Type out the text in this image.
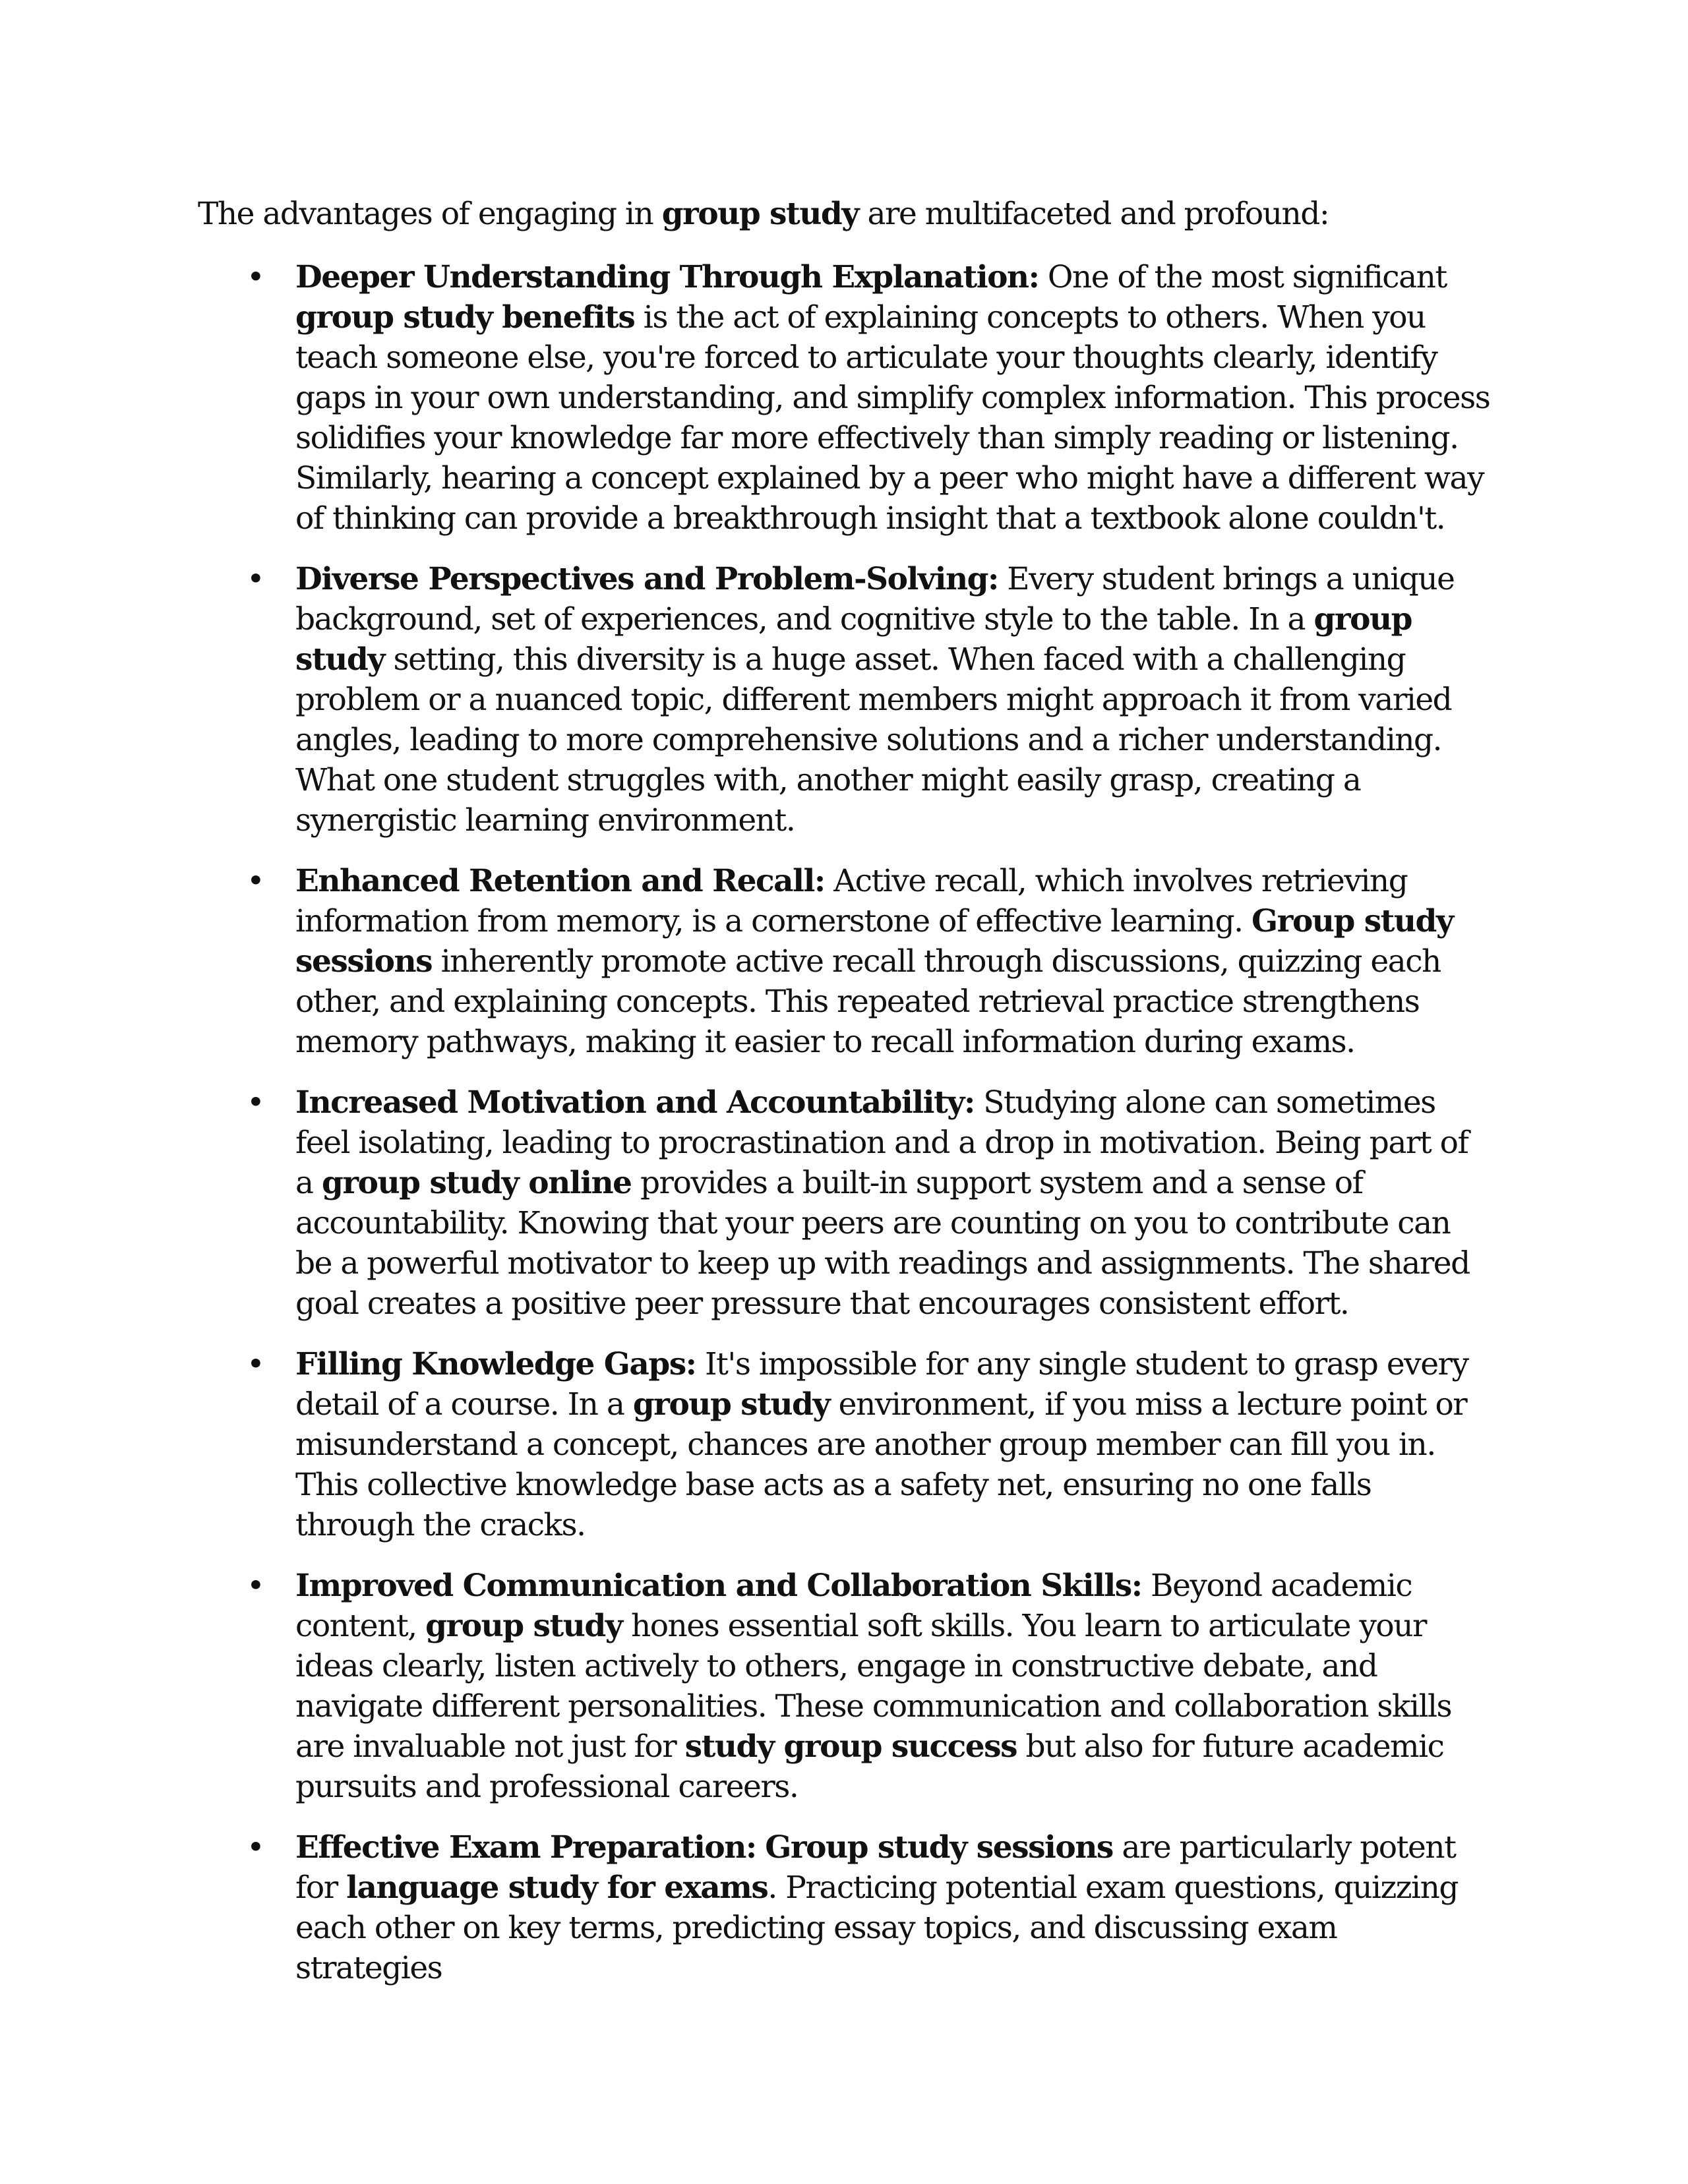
The advantages of engaging in group study are multifaceted and profound:

• Deeper Understanding Through Explanation: One of the most significant group study benefits is the act of explaining concepts to others. When you teach someone else, you're forced to articulate your thoughts clearly, identify gaps in your own understanding, and simplify complex information. This process solidifies your knowledge far more effectively than simply reading or listening. Similarly, hearing a concept explained by a peer who might have a different way of thinking can provide a breakthrough insight that a textbook alone couldn't.
• Diverse Perspectives and Problem-Solving: Every student brings a unique background, set of experiences, and cognitive style to the table. In a group study setting, this diversity is a huge asset. When faced with a challenging problem or a nuanced topic, different members might approach it from varied angles, leading to more comprehensive solutions and a richer understanding. What one student struggles with, another might easily grasp, creating a synergistic learning environment.
• Enhanced Retention and Recall: Active recall, which involves retrieving information from memory, is a cornerstone of effective learning. Group study sessions inherently promote active recall through discussions, quizzing each other, and explaining concepts. This repeated retrieval practice strengthens memory pathways, making it easier to recall information during exams.
• Increased Motivation and Accountability: Studying alone can sometimes feel isolating, leading to procrastination and a drop in motivation. Being part of a group study online provides a built-in support system and a sense of accountability. Knowing that your peers are counting on you to contribute can be a powerful motivator to keep up with readings and assignments. The shared goal creates a positive peer pressure that encourages consistent effort.
• Filling Knowledge Gaps: It's impossible for any single student to grasp every detail of a course. In a group study environment, if you miss a lecture point or misunderstand a concept, chances are another group member can fill you in. This collective knowledge base acts as a safety net, ensuring no one falls through the cracks.
• Improved Communication and Collaboration Skills: Beyond academic content, group study hones essential soft skills. You learn to articulate your ideas clearly, listen actively to others, engage in constructive debate, and navigate different personalities. These communication and collaboration skills are invaluable not just for study group success but also for future academic pursuits and professional careers.
• Effective Exam Preparation: Group study sessions are particularly potent for language study for exams. Practicing potential exam questions, quizzing each other on key terms, predicting essay topics, and discussing exam strategies
